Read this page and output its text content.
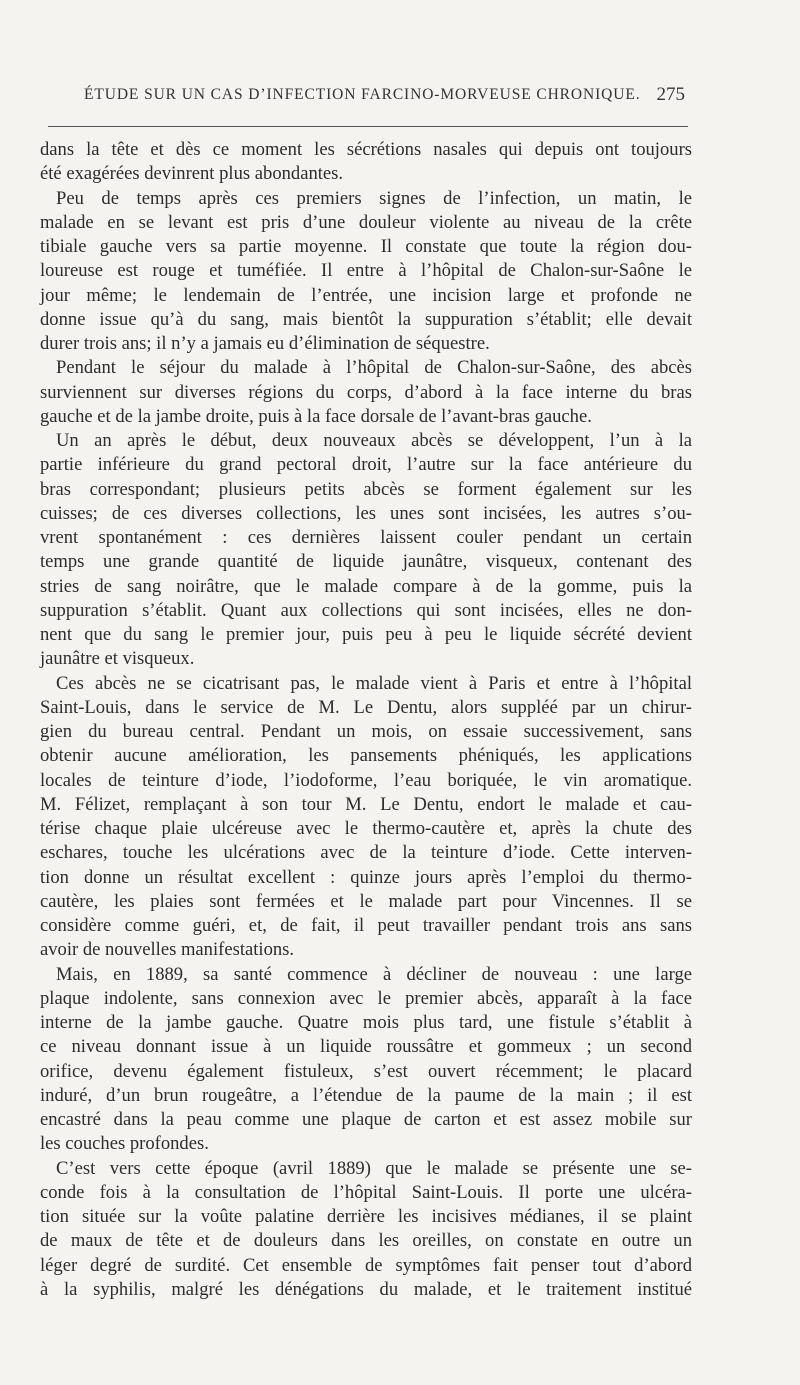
ÉTUDE SUR UN CAS D’INFECTION FARCINO-MORVEUSE CHRONIQUE. 275
dans la tête et dès ce moment les sécrétions nasales qui depuis ont toujours
été exagérées devinrent plus abondantes.
Peu de temps après ces premiers signes de l’infection, un matin, le
malade en se levant est pris d’une douleur violente au niveau de la crête
tibiale gauche vers sa partie moyenne. Il constate que toute la région dou-
loureuse est rouge et tuméfiée. Il entre à l’hôpital de Chalon-sur-Saône le
jour même; le lendemain de l’entrée, une incision large et profonde ne
donne issue qu’à du sang, mais bientôt la suppuration s’établit; elle devait
durer trois ans; il n’y a jamais eu d’élimination de séquestre.
Pendant le séjour du malade à l’hôpital de Chalon-sur-Saône, des abcès
surviennent sur diverses régions du corps, d’abord à la face interne du bras
gauche et de la jambe droite, puis à la face dorsale de l’avant-bras gauche.
Un an après le début, deux nouveaux abcès se développent, l’un à la
partie inférieure du grand pectoral droit, l’autre sur la face antérieure du
bras correspondant; plusieurs petits abcès se forment également sur les
cuisses; de ces diverses collections, les unes sont incisées, les autres s’ou-
vrent spontanément : ces dernières laissent couler pendant un certain
temps une grande quantité de liquide jaunâtre, visqueux, contenant des
stries de sang noirâtre, que le malade compare à de la gomme, puis la
suppuration s’établit. Quant aux collections qui sont incisées, elles ne don-
nent que du sang le premier jour, puis peu à peu le liquide sécrété devient
jaunâtre et visqueux.
Ces abcès ne se cicatrisant pas, le malade vient à Paris et entre à l’hôpital
Saint-Louis, dans le service de M. Le Dentu, alors suppléé par un chirur-
gien du bureau central. Pendant un mois, on essaie successivement, sans
obtenir aucune amélioration, les pansements phéniqués, les applications
locales de teinture d’iode, l’iodoforme, l’eau boriquée, le vin aromatique.
M. Félizet, remplaçant à son tour M. Le Dentu, endort le malade et cau-
térise chaque plaie ulcéreuse avec le thermo-cautère et, après la chute des
eschares, touche les ulcérations avec de la teinture d’iode. Cette interven-
tion donne un résultat excellent : quinze jours après l’emploi du thermo-
cautère, les plaies sont fermées et le malade part pour Vincennes. Il se
considère comme guéri, et, de fait, il peut travailler pendant trois ans sans
avoir de nouvelles manifestations.
Mais, en 1889, sa santé commence à décliner de nouveau : une large
plaque indolente, sans connexion avec le premier abcès, apparaît à la face
interne de la jambe gauche. Quatre mois plus tard, une fistule s’établit à
ce niveau donnant issue à un liquide roussâtre et gommeux ; un second
orifice, devenu également fistuleux, s’est ouvert récemment; le placard
induré, d’un brun rougeâtre, a l’étendue de la paume de la main ; il est
encastré dans la peau comme une plaque de carton et est assez mobile sur
les couches profondes.
C’est vers cette époque (avril 1889) que le malade se présente une se-
conde fois à la consultation de l’hôpital Saint-Louis. Il porte une ulcéra-
tion située sur la voûte palatine derrière les incisives médianes, il se plaint
de maux de tête et de douleurs dans les oreilles, on constate en outre un
léger degré de surdité. Cet ensemble de symptômes fait penser tout d’abord
à la syphilis, malgré les dénégations du malade, et le traitement institué
